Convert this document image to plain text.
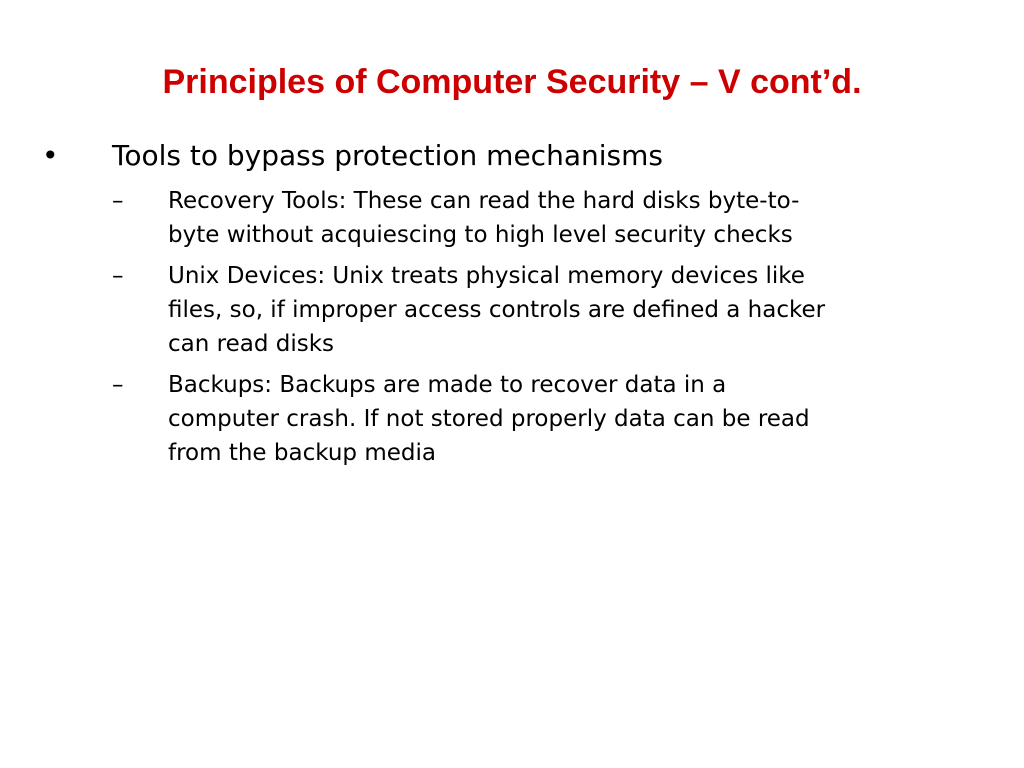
Principles of Computer Security – V cont’d.
• Tools to bypass protection mechanisms
– Recovery Tools: These can read the hard disks byte-to-
byte without acquiescing to high level security checks
– Unix Devices: Unix treats physical memory devices like
files, so, if improper access controls are defined a hacker
can read disks
– Backups: Backups are made to recover data in a
computer crash. If not stored properly data can be read
from the backup media
